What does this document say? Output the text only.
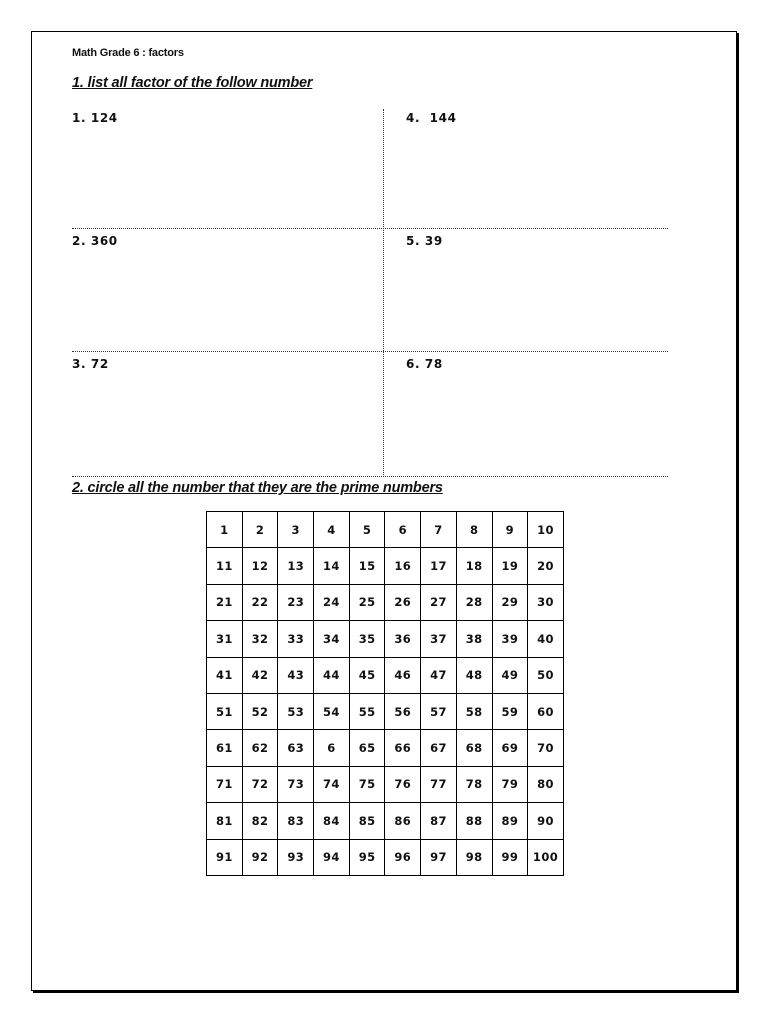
Math Grade 6 : factors
1. list all factor of the follow number
1. 124
2. 360
3. 72
4.  144
5. 39
6. 78
2. circle all the number that they are the prime numbers
1	2	3	4	5	6	7	8	9	10
11	12	13	14	15	16	17	18	19	20
21	22	23	24	25	26	27	28	29	30
31	32	33	34	35	36	37	38	39	40
41	42	43	44	45	46	47	48	49	50
51	52	53	54	55	56	57	58	59	60
61	62	63	6	65	66	67	68	69	70
71	72	73	74	75	76	77	78	79	80
81	82	83	84	85	86	87	88	89	90
91	92	93	94	95	96	97	98	99	100
